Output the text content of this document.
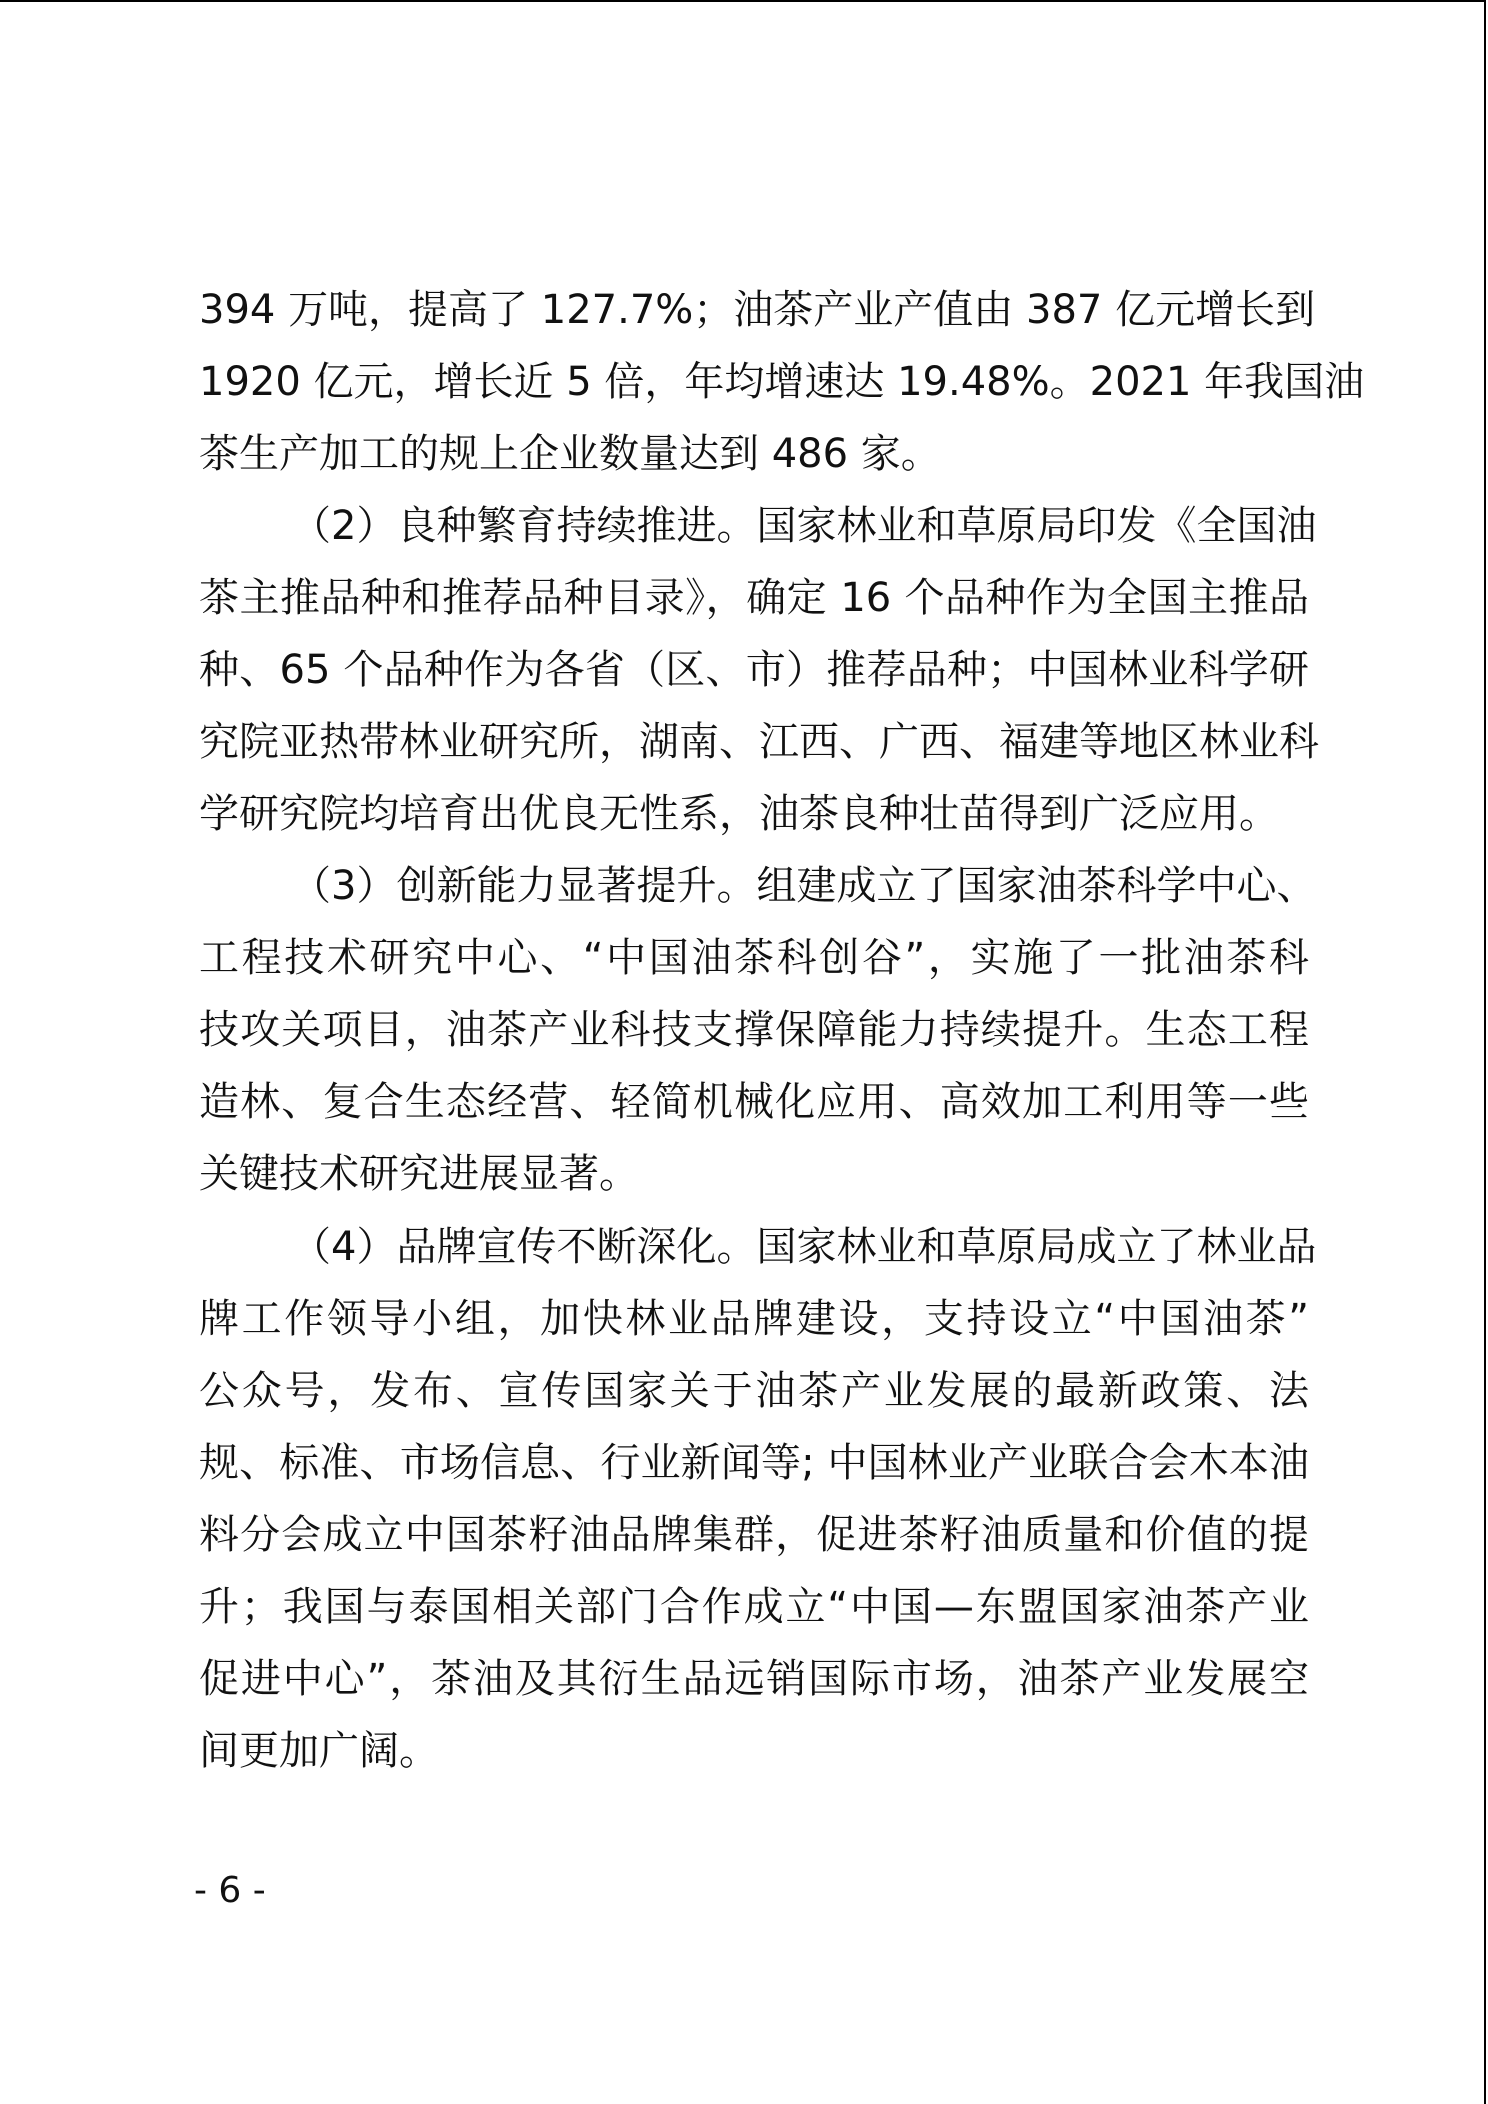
394 万吨，提高了 127.7%；油茶产业产值由 387 亿元增长到
1920 亿元，增长近 5 倍，年均增速达 19.48%。2021 年我国油
茶生产加工的规上企业数量达到 486 家。
（2）良种繁育持续推进。国家林业和草原局印发《全国油
茶主推品种和推荐品种目录》，确定 16 个品种作为全国主推品
种、65 个品种作为各省（区、市）推荐品种；中国林业科学研
究院亚热带林业研究所，湖南、江西、广西、福建等地区林业科
学研究院均培育出优良无性系，油茶良种壮苗得到广泛应用。
（3）创新能力显著提升。组建成立了国家油茶科学中心、
工程技术研究中心、“中国油茶科创谷”，实施了一批油茶科
技攻关项目，油茶产业科技支撑保障能力持续提升。生态工程
造林、复合生态经营、轻简机械化应用、高效加工利用等一些
关键技术研究进展显著。
（4）品牌宣传不断深化。国家林业和草原局成立了林业品
牌工作领导小组，加快林业品牌建设，支持设立“中国油茶”
公众号，发布、宣传国家关于油茶产业发展的最新政策、法
规、标准、市场信息、行业新闻等; 中国林业产业联合会木本油
料分会成立中国茶籽油品牌集群，促进茶籽油质量和价值的提
升；我国与泰国相关部门合作成立“中国—东盟国家油茶产业
促进中心”，茶油及其衍生品远销国际市场，油茶产业发展空
间更加广阔。
- 6 -
